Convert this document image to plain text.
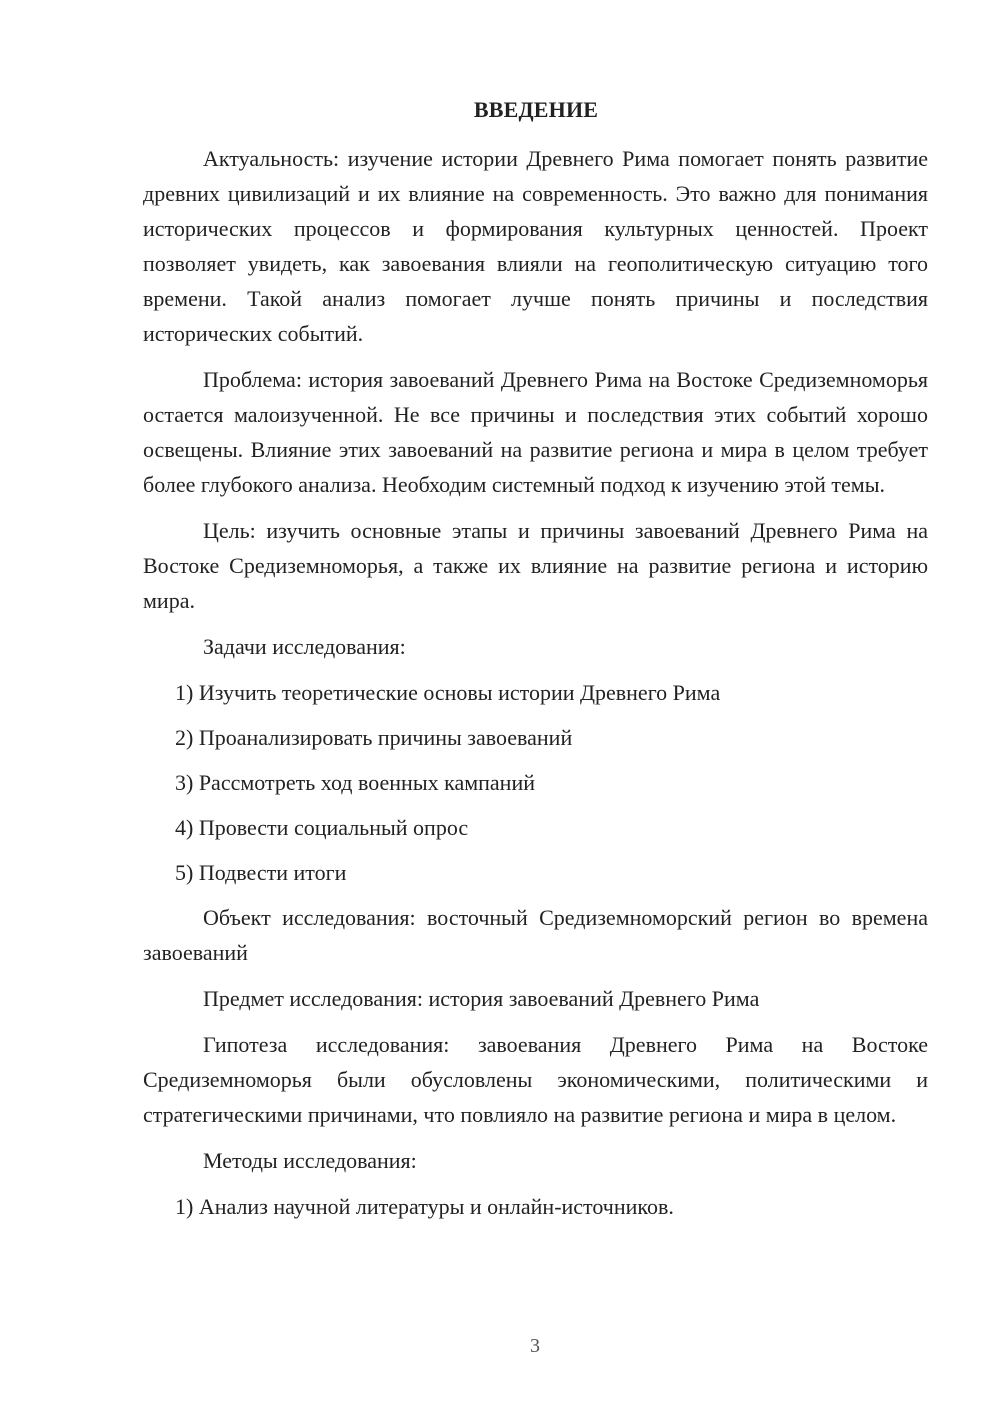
ВВЕДЕНИЕ

Актуальность: изучение истории Древнего Рима помогает понять развитие древних цивилизаций и их влияние на современность. Это важно для понимания исторических процессов и формирования культурных ценностей. Проект позволяет увидеть, как завоевания влияли на геополитическую ситуацию того времени. Такой анализ помогает лучше понять причины и последствия исторических событий.

Проблема: история завоеваний Древнего Рима на Востоке Средиземноморья остается малоизученной. Не все причины и последствия этих событий хорошо освещены. Влияние этих завоеваний на развитие региона и мира в целом требует более глубокого анализа. Необходим системный подход к изучению этой темы.

Цель: изучить основные этапы и причины завоеваний Древнего Рима на Востоке Средиземноморья, а также их влияние на развитие региона и историю мира.

Задачи исследования:

1) Изучить теоретические основы истории Древнего Рима
2) Проанализировать причины завоеваний
3) Рассмотреть ход военных кампаний
4) Провести социальный опрос
5) Подвести итоги

Объект исследования: восточный Средиземноморский регион во времена завоеваний

Предмет исследования: история завоеваний Древнего Рима

Гипотеза исследования: завоевания Древнего Рима на Востоке Средиземноморья были обусловлены экономическими, политическими и стратегическими причинами, что повлияло на развитие региона и мира в целом.

Методы исследования:

1) Анализ научной литературы и онлайн-источников.
3
